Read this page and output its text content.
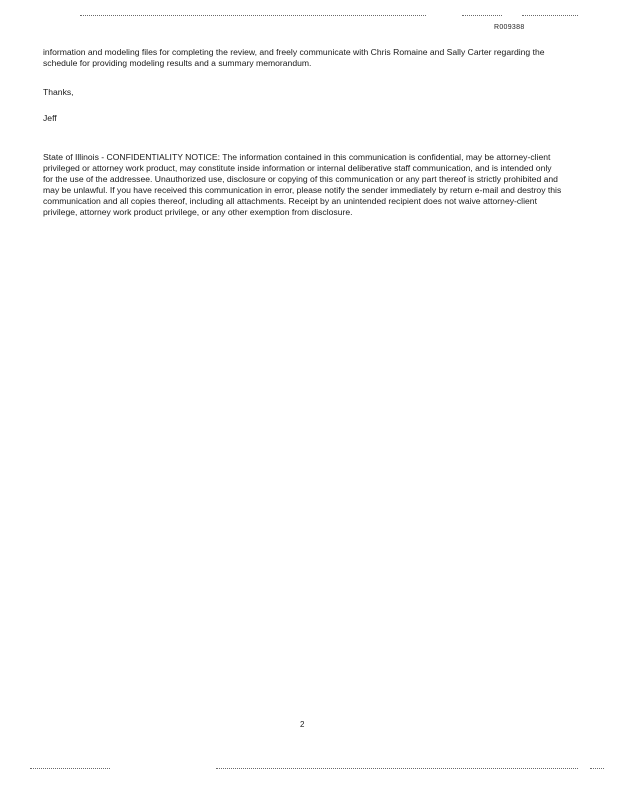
R009388

information and modeling files for completing the review, and freely communicate with Chris Romaine and Sally Carter regarding the schedule for providing modeling results and a summary memorandum.

Thanks,

Jeff

State of Illinois - CONFIDENTIALITY NOTICE: The information contained in this communication is confidential, may be attorney-client privileged or attorney work product, may constitute inside information or internal deliberative staff communication, and is intended only for the use of the addressee. Unauthorized use, disclosure or copying of this communication or any part thereof is strictly prohibited and may be unlawful. If you have received this communication in error, please notify the sender immediately by return e-mail and destroy this communication and all copies thereof, including all attachments. Receipt by an unintended recipient does not waive attorney-client privilege, attorney work product privilege, or any other exemption from disclosure.

2
